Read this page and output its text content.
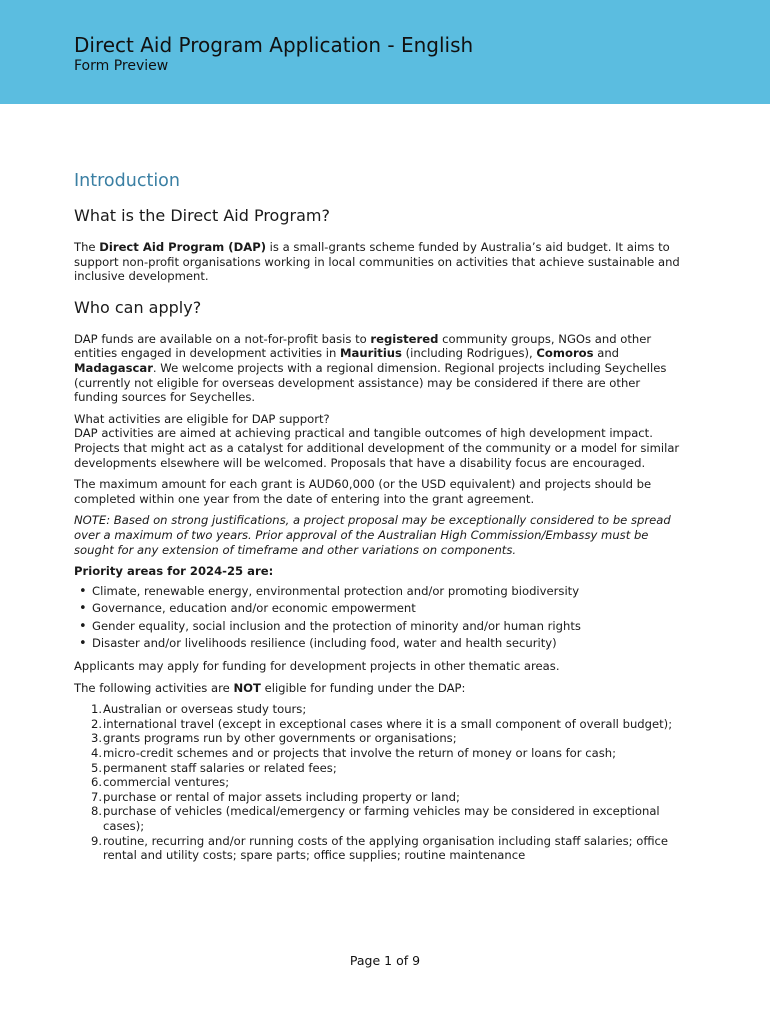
Direct Aid Program Application - English
Form Preview
Introduction
What is the Direct Aid Program?

The Direct Aid Program (DAP) is a small-grants scheme funded by Australia’s aid budget. It aims to support non-profit organisations working in local communities on activities that achieve sustainable and inclusive development.

Who can apply?

DAP funds are available on a not-for-profit basis to registered community groups, NGOs and other entities engaged in development activities in Mauritius (including Rodrigues), Comoros and Madagascar. We welcome projects with a regional dimension. Regional projects including Seychelles (currently not eligible for overseas development assistance) may be considered if there are other funding sources for Seychelles.

What activities are eligible for DAP support?
DAP activities are aimed at achieving practical and tangible outcomes of high development impact. Projects that might act as a catalyst for additional development of the community or a model for similar developments elsewhere will be welcomed. Proposals that have a disability focus are encouraged.

The maximum amount for each grant is AUD60,000 (or the USD equivalent) and projects should be completed within one year from the date of entering into the grant agreement.

NOTE: Based on strong justifications, a project proposal may be exceptionally considered to be spread over a maximum of two years. Prior approval of the Australian High Commission/Embassy must be sought for any extension of timeframe and other variations on components.

Priority areas for 2024-25 are:

• Climate, renewable energy, environmental protection and/or promoting biodiversity
• Governance, education and/or economic empowerment
• Gender equality, social inclusion and the protection of minority and/or human rights
• Disaster and/or livelihoods resilience (including food, water and health security)

Applicants may apply for funding for development projects in other thematic areas.

The following activities are NOT eligible for funding under the DAP:

1. Australian or overseas study tours;
2. international travel (except in exceptional cases where it is a small component of overall budget);
3. grants programs run by other governments or organisations;
4. micro-credit schemes and or projects that involve the return of money or loans for cash;
5. permanent staff salaries or related fees;
6. commercial ventures;
7. purchase or rental of major assets including property or land;
8. purchase of vehicles (medical/emergency or farming vehicles may be considered in exceptional cases);
9. routine, recurring and/or running costs of the applying organisation including staff salaries; office rental and utility costs; spare parts; office supplies; routine maintenance
Page 1 of 9
